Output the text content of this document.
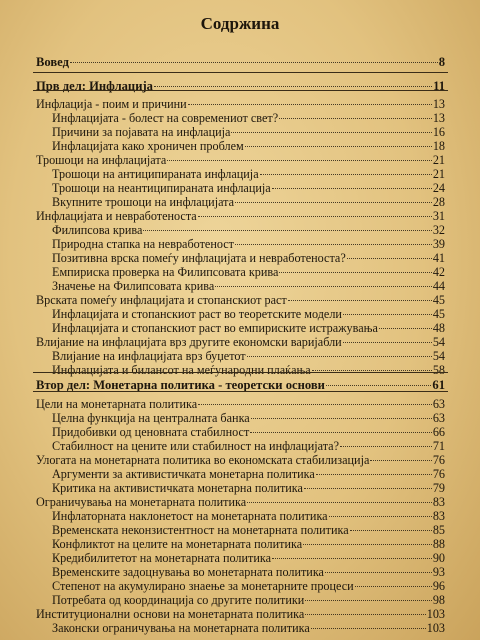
Содржина
Вовед	8
Прв дел: Инфлација	11
Инфлација - поим и причини	13
Инфлацијата - болест на современиот свет?	13
Причини за појавата на инфлација	16
Инфлацијата како хроничен проблем	18
Трошоци на инфлацијата	21
Трошоци на антиципираната инфлација	21
Трошоци на неантиципираната инфлација	24
Вкупните трошоци на инфлацијата	28
Инфлацијата и невработеноста	31
Филипсова крива	32
Природна стапка на невработеност	39
Позитивна врска помеѓу инфлацијата и невработеноста?	41
Емпириска проверка на Филипсовата крива	42
Значење на Филипсовата крива	44
Врската помеѓу инфлацијата и стопанскиот раст	45
Инфлацијата и стопанскиот раст во теоретските модели	45
Инфлацијата и стопанскиот раст во емпириските истражувања	48
Влијание на инфлацијата врз другите економски варијабли	54
Влијание на инфлацијата врз буџетот	54
Инфлацијата и билансот на меѓународни плаќања	58
Втор дел: Монетарна политика - теоретски основи	61
Цели на монетарната политика	63
Целна функција на централната банка	63
Придобивки од ценовната стабилност	66
Стабилност на цените или стабилност на инфлацијата?	71
Улогата на монетарната политика во економската стабилизација	76
Аргументи за активистичката монетарна политика	76
Критика на активистичката монетарна политика	79
Ограничувања на монетарната политика	83
Инфлаторната наклонетост на монетарната политика	83
Временската неконзистентност на монетарната политика	85
Конфликтот на целите на монетарната политика	88
Кредибилитетот на монетарната политика	90
Временските задоцнувања во монетарната политика	93
Степенот на акумулирано знаење за монетарните процеси	96
Потребата од координација со другите политики	98
Институционални основи на монетарната политика	103
Законски ограничувања на монетарната политика	103
